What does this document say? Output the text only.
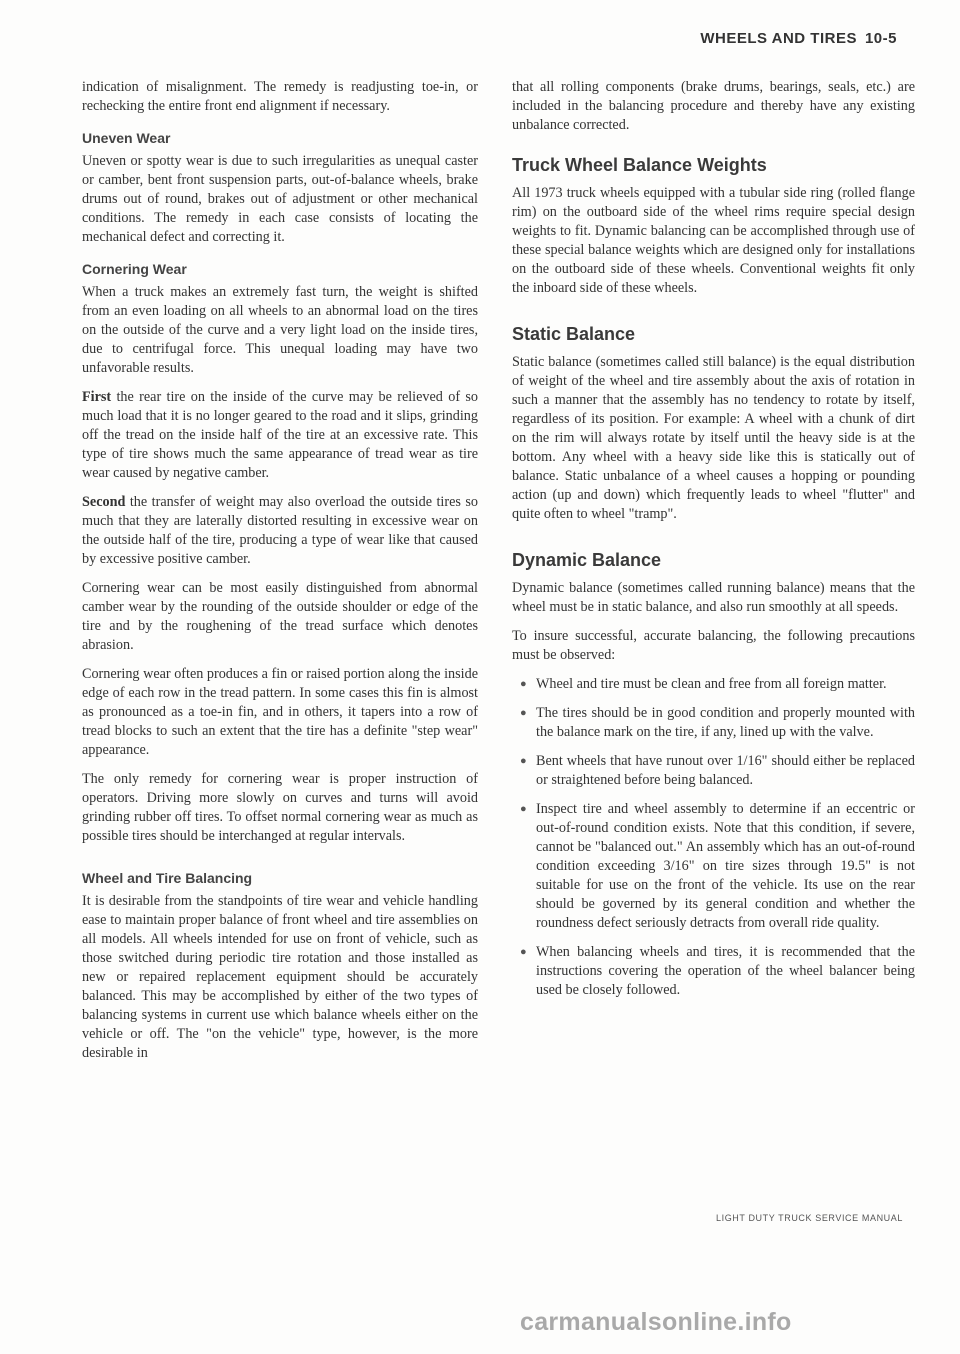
WHEELS AND TIRES 10-5

indication of misalignment. The remedy is readjusting toe-in, or rechecking the entire front end alignment if necessary.

Uneven Wear

Uneven or spotty wear is due to such irregularities as unequal caster or camber, bent front suspension parts, out-of-balance wheels, brake drums out of round, brakes out of adjustment or other mechanical conditions. The remedy in each case consists of locating the mechanical defect and correcting it.

Cornering Wear

When a truck makes an extremely fast turn, the weight is shifted from an even loading on all wheels to an abnormal load on the tires on the outside of the curve and a very light load on the inside tires, due to centrifugal force. This unequal loading may have two unfavorable results.

First the rear tire on the inside of the curve may be relieved of so much load that it is no longer geared to the road and it slips, grinding off the tread on the inside half of the tire at an excessive rate. This type of tire shows much the same appearance of tread wear as tire wear caused by negative camber.

Second the transfer of weight may also overload the outside tires so much that they are laterally distorted resulting in excessive wear on the outside half of the tire, producing a type of wear like that caused by excessive positive camber.

Cornering wear can be most easily distinguished from abnormal camber wear by the rounding of the outside shoulder or edge of the tire and by the roughening of the tread surface which denotes abrasion.

Cornering wear often produces a fin or raised portion along the inside edge of each row in the tread pattern. In some cases this fin is almost as pronounced as a toe-in fin, and in others, it tapers into a row of tread blocks to such an extent that the tire has a definite "step wear" appearance.

The only remedy for cornering wear is proper instruction of operators. Driving more slowly on curves and turns will avoid grinding rubber off tires. To offset normal cornering wear as much as possible tires should be interchanged at regular intervals.

Wheel and Tire Balancing

It is desirable from the standpoints of tire wear and vehicle handling ease to maintain proper balance of front wheel and tire assemblies on all models. All wheels intended for use on front of vehicle, such as those switched during periodic tire rotation and those installed as new or repaired replacement equipment should be accurately balanced. This may be accomplished by either of the two types of balancing systems in current use which balance wheels either on the vehicle or off. The "on the vehicle" type, however, is the more desirable in

that all rolling components (brake drums, bearings, seals, etc.) are included in the balancing procedure and thereby have any existing unbalance corrected.

Truck Wheel Balance Weights

All 1973 truck wheels equipped with a tubular side ring (rolled flange rim) on the outboard side of the wheel rims require special design weights to fit. Dynamic balancing can be accomplished through use of these special balance weights which are designed only for installations on the outboard side of these wheels. Conventional weights fit only the inboard side of these wheels.

Static Balance

Static balance (sometimes called still balance) is the equal distribution of weight of the wheel and tire assembly about the axis of rotation in such a manner that the assembly has no tendency to rotate by itself, regardless of its position. For example: A wheel with a chunk of dirt on the rim will always rotate by itself until the heavy side is at the bottom. Any wheel with a heavy side like this is statically out of balance. Static unbalance of a wheel causes a hopping or pounding action (up and down) which frequently leads to wheel "flutter" and quite often to wheel "tramp".

Dynamic Balance

Dynamic balance (sometimes called running balance) means that the wheel must be in static balance, and also run smoothly at all speeds.

To insure successful, accurate balancing, the following precautions must be observed:

● Wheel and tire must be clean and free from all foreign matter.
● The tires should be in good condition and properly mounted with the balance mark on the tire, if any, lined up with the valve.
● Bent wheels that have runout over 1/16" should either be replaced or straightened before being balanced.
● Inspect tire and wheel assembly to determine if an eccentric or out-of-round condition exists. Note that this condition, if severe, cannot be "balanced out." An assembly which has an out-of-round condition exceeding 3/16" on tire sizes through 19.5" is not suitable for use on the front of the vehicle. Its use on the rear should be governed by its general condition and whether the roundness defect seriously detracts from overall ride quality.
● When balancing wheels and tires, it is recommended that the instructions covering the operation of the wheel balancer being used be closely followed.
LIGHT DUTY TRUCK SERVICE MANUAL
carmanualsonline.info
